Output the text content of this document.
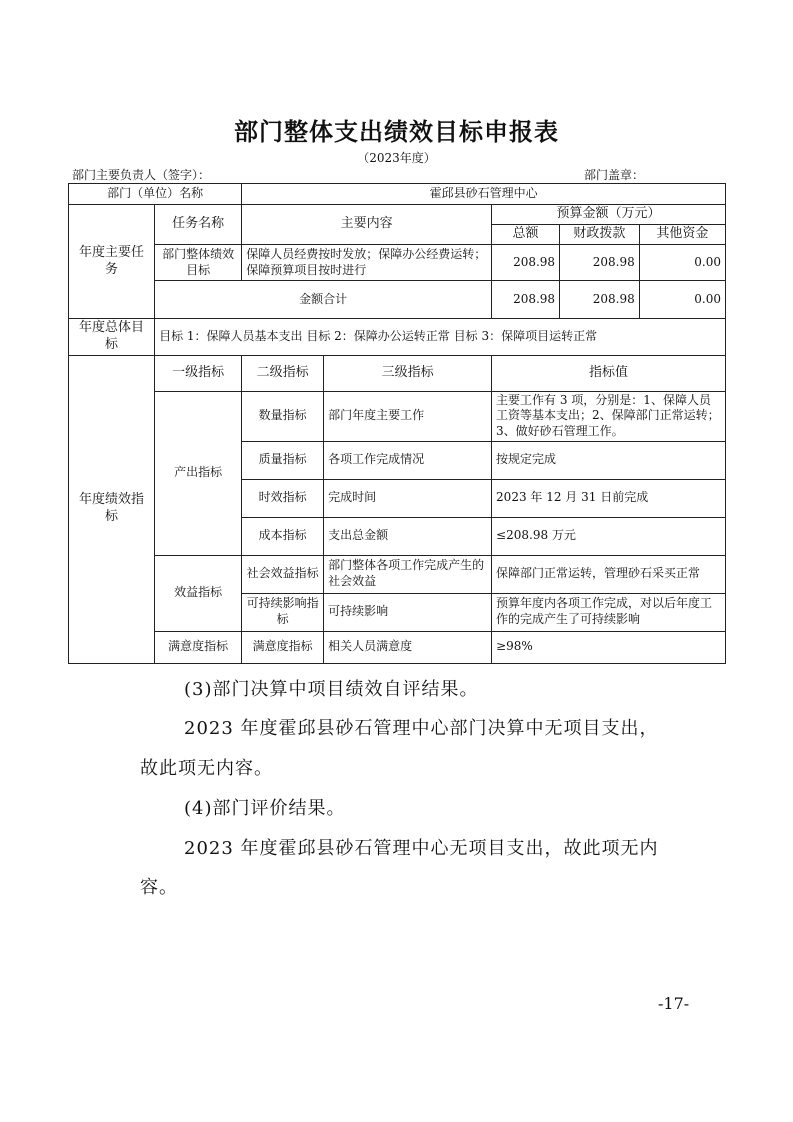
部门整体支出绩效目标申报表
（2023年度）
部门主要负责人（签字）：	部门盖章：
部门（单位）名称		霍邱县砂石管理中心				
年度主要任务	任务名称	主要内容		预算金额（万元）		
				总额	财政拨款	其他资金
	部门整体绩效目标	保障人员经费按时发放；保障办公经费运转；保障预算项目按时进行		208.98	208.98	0.00
	金额合计			208.98	208.98	0.00
年度总体目标	目标 1：保障人员基本支出 目标 2：保障办公运转正常 目标 3：保障项目运转正常					
年度绩效指标	一级指标	二级指标	三级指标	指标值		
	产出指标	数量指标	部门年度主要工作	主要工作有 3 项，分别是：1、保障人员工资等基本支出；2、保障部门正常运转；3、做好砂石管理工作。		
		质量指标	各项工作完成情况	按规定完成		
		时效指标	完成时间	2023 年 12 月 31 日前完成		
		成本指标	支出总金额	≤208.98 万元		
	效益指标	社会效益指标	部门整体各项工作完成产生的社会效益	保障部门正常运转，管理砂石采买正常		
		可持续影响指标	可持续影响	预算年度内各项工作完成，对以后年度工作的完成产生了可持续影响		
	满意度指标	满意度指标	相关人员满意度	≥98%		
(3)部门决算中项目绩效自评结果。
2023 年度霍邱县砂石管理中心部门决算中无项目支出，
故此项无内容。
(4)部门评价结果。
2023 年度霍邱县砂石管理中心无项目支出，故此项无内
容。
-17-
